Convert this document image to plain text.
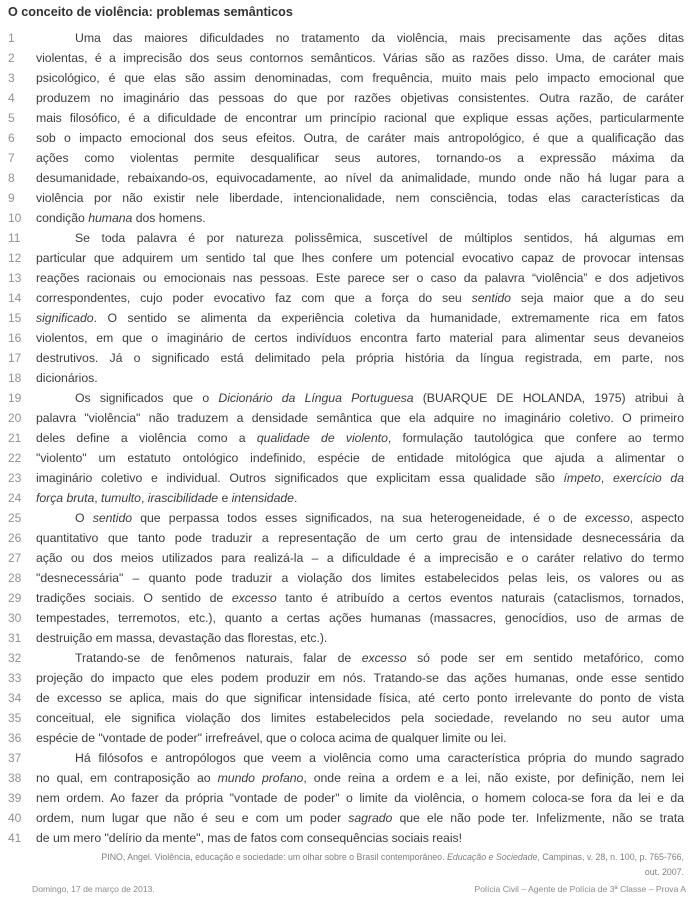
O conceito de violência: problemas semânticos
1	Uma das maiores dificuldades no tratamento da violência, mais precisamente das ações ditas
2	violentas, é a imprecisão dos seus contornos semânticos. Várias são as razões disso. Uma, de caráter mais
3	psicológico, é que elas são assim denominadas, com frequência, muito mais pelo impacto emocional que
4	produzem no imaginário das pessoas do que por razões objetivas consistentes. Outra razão, de caráter
5	mais filosófico, é a dificuldade de encontrar um princípio racional que explique essas ações, particularmente
6	sob o impacto emocional dos seus efeitos. Outra, de caráter mais antropológico, é que a qualificação das
7	ações como violentas permite desqualificar seus autores, tornando-os a expressão máxima da
8	desumanidade, rebaixando-os, equivocadamente, ao nível da animalidade, mundo onde não há lugar para a
9	violência por não existir nele liberdade, intencionalidade, nem consciência, todas elas características da
10	condição humana dos homens.
11	Se toda palavra é por natureza polissêmica, suscetível de múltiplos sentidos, há algumas em
12	particular que adquirem um sentido tal que lhes confere um potencial evocativo capaz de provocar intensas
13	reações racionais ou emocionais nas pessoas. Este parece ser o caso da palavra “violência” e dos adjetivos
14	correspondentes, cujo poder evocativo faz com que a força do seu sentido seja maior que a do seu
15	significado. O sentido se alimenta da experiência coletiva da humanidade, extremamente rica em fatos
16	violentos, em que o imaginário de certos indivíduos encontra farto material para alimentar seus devaneios
17	destrutivos. Já o significado está delimitado pela própria história da língua registrada, em parte, nos
18	dicionários.
19	Os significados que o Dicionário da Língua Portuguesa (BUARQUE DE HOLANDA, 1975) atribui à
20	palavra "violência" não traduzem a densidade semântica que ela adquire no imaginário coletivo. O primeiro
21	deles define a violência como a qualidade de violento, formulação tautológica que confere ao termo
22	"violento" um estatuto ontológico indefinido, espécie de entidade mitológica que ajuda a alimentar o
23	imaginário coletivo e individual. Outros significados que explicitam essa qualidade são ímpeto, exercício da
24	força bruta, tumulto, irascibilidade e intensidade.
25	O sentido que perpassa todos esses significados, na sua heterogeneidade, é o de excesso, aspecto
26	quantitativo que tanto pode traduzir a representação de um certo grau de intensidade desnecessária da
27	ação ou dos meios utilizados para realizá-la – a dificuldade é a imprecisão e o caráter relativo do termo
28	"desnecessária" – quanto pode traduzir a violação dos limites estabelecidos pelas leis, os valores ou as
29	tradições sociais. O sentido de excesso tanto é atribuído a certos eventos naturais (cataclismos, tornados,
30	tempestades, terremotos, etc.), quanto a certas ações humanas (massacres, genocídios, uso de armas de
31	destruição em massa, devastação das florestas, etc.).
32	Tratando-se de fenômenos naturais, falar de excesso só pode ser em sentido metafórico, como
33	projeção do impacto que eles podem produzir em nós. Tratando-se das ações humanas, onde esse sentido
34	de excesso se aplica, mais do que significar intensidade física, até certo ponto irrelevante do ponto de vista
35	conceitual, ele significa violação dos limites estabelecidos pela sociedade, revelando no seu autor uma
36	espécie de "vontade de poder" irrefreável, que o coloca acima de qualquer limite ou lei.
37	Há filósofos e antropólogos que veem a violência como uma característica própria do mundo sagrado
38	no qual, em contraposição ao mundo profano, onde reina a ordem e a lei, não existe, por definição, nem lei
39	nem ordem. Ao fazer da própria "vontade de poder" o limite da violência, o homem coloca-se fora da lei e da
40	ordem, num lugar que não é seu e com um poder sagrado que ele não pode ter. Infelizmente, não se trata
41	de um mero "delírio da mente", mas de fatos com consequências sociais reais!
PINO, Angel. Violência, educação e sociedade: um olhar sobre o Brasil contemporâneo. Educação e Sociedade, Campinas, v. 28, n. 100, p. 765-766,
out. 2007.
Domingo, 17 de março de 2013.	Polícia Civil – Agente de Polícia de 3ª Classe – Prova A
